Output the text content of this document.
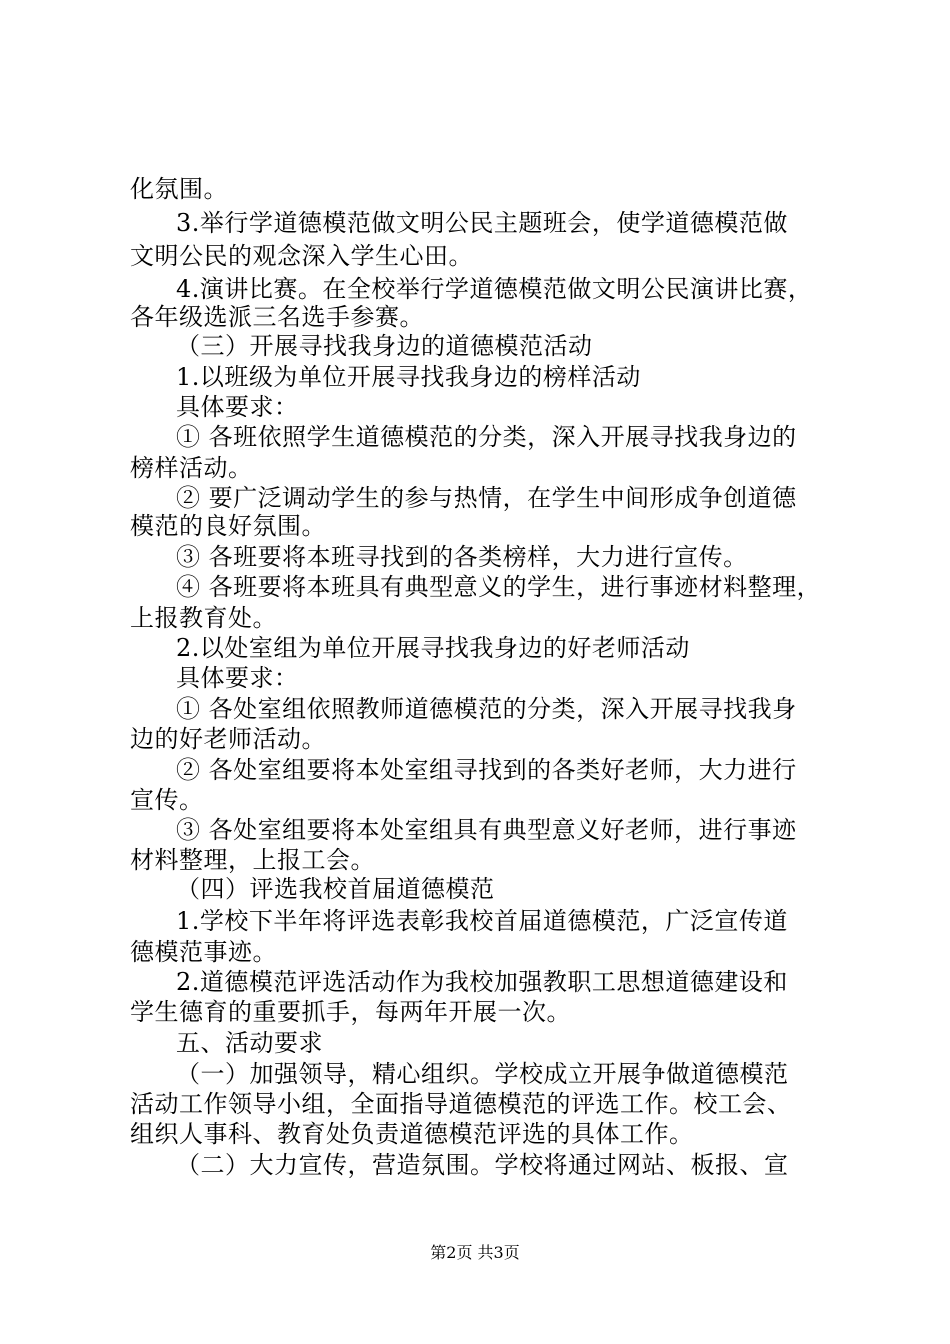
化氛围。
3.举行学道德模范做文明公民主题班会，使学道德模范做
文明公民的观念深入学生心田。
4.演讲比赛。在全校举行学道德模范做文明公民演讲比赛，
各年级选派三名选手参赛。
（三）开展寻找我身边的道德模范活动
1.以班级为单位开展寻找我身边的榜样活动
具体要求：
① 各班依照学生道德模范的分类，深入开展寻找我身边的
榜样活动。
② 要广泛调动学生的参与热情，在学生中间形成争创道德
模范的良好氛围。
③ 各班要将本班寻找到的各类榜样，大力进行宣传。
④ 各班要将本班具有典型意义的学生，进行事迹材料整理，
上报教育处。
2.以处室组为单位开展寻找我身边的好老师活动
具体要求：
① 各处室组依照教师道德模范的分类，深入开展寻找我身
边的好老师活动。
② 各处室组要将本处室组寻找到的各类好老师，大力进行
宣传。
③ 各处室组要将本处室组具有典型意义好老师，进行事迹
材料整理，上报工会。
（四）评选我校首届道德模范
1.学校下半年将评选表彰我校首届道德模范，广泛宣传道
德模范事迹。
2.道德模范评选活动作为我校加强教职工思想道德建设和
学生德育的重要抓手，每两年开展一次。
五、活动要求
（一）加强领导，精心组织。学校成立开展争做道德模范
活动工作领导小组，全面指导道德模范的评选工作。校工会、
组织人事科、教育处负责道德模范评选的具体工作。
（二）大力宣传，营造氛围。学校将通过网站、板报、宣
第2页 共3页
